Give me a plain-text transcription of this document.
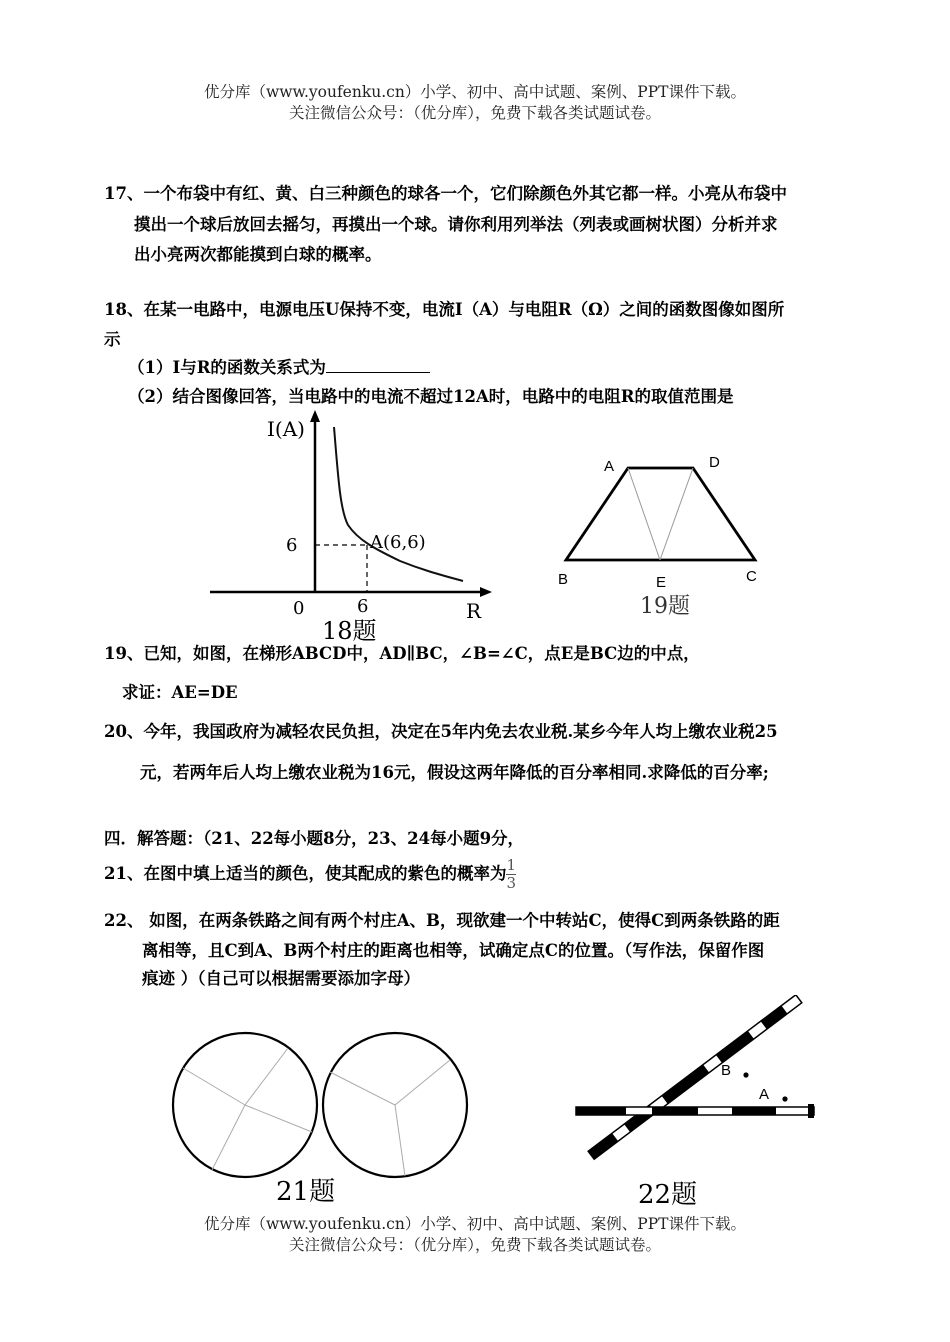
优分库（www.youfenku.cn）小学、初中、高中试题、案例、PPT课件下载。
关注微信公众号：（优分库），免费下载各类试题试卷。
17、一个布袋中有红、黄、白三种颜色的球各一个，它们除颜色外其它都一样。小亮从布袋中
摸出一个球后放回去摇匀，再摸出一个球。请你利用列举法（列表或画树状图）分析并求
出小亮两次都能摸到白球的概率。
18、在某一电路中，电源电压U保持不变，电流I（A）与电阻R（Ω）之间的函数图像如图所
示
（1）I与R的函数关系式为
（2）结合图像回答，当电路中的电流不超过12A时，电路中的电阻R的取值范围是
I(A)
R
0
6
6
A(6,6)
18题
A	D
B	E	C
19题
19、已知，如图，在梯形ABCD中，AD∥BC，∠B=∠C，点E是BC边的中点，
求证：AE=DE
20、今年，我国政府为减轻农民负担，决定在5年内免去农业税.某乡今年人均上缴农业税25
元，若两年后人均上缴农业税为16元，假设这两年降低的百分率相同.求降低的百分率;
四．解答题：（21、22每小题8分，23、24每小题9分，
21、在图中填上适当的颜色，使其配成的紫色的概率为 $\frac{1}{3}$
22、 如图，在两条铁路之间有两个村庄A、B，现欲建一个中转站C，使得C到两条铁路的距
离相等，且C到A、B两个村庄的距离也相等，试确定点C的位置。（写作法，保留作图
痕迹 ）（自己可以根据需要添加字母）
21题
B
A
22题
优分库（www.youfenku.cn）小学、初中、高中试题、案例、PPT课件下载。
关注微信公众号：（优分库），免费下载各类试题试卷。
